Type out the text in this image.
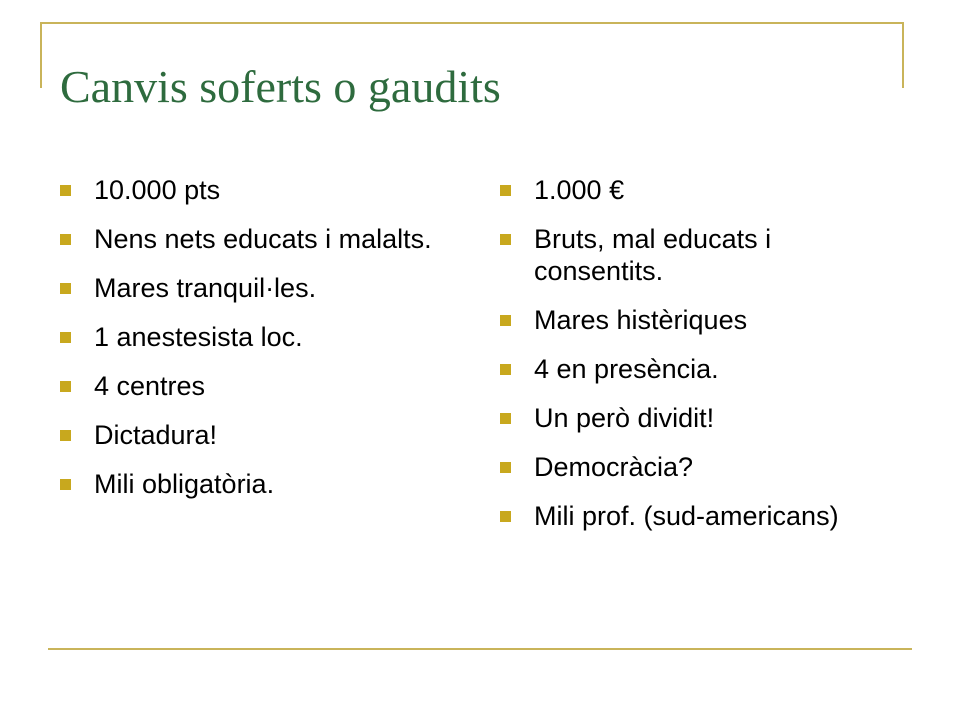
Canvis soferts o gaudits
10.000 pts
Nens nets educats i malalts.
Mares tranquil·les.
1 anestesista loc.
4 centres
Dictadura!
Mili obligatòria.
1.000 €
Bruts, mal educats i consentits.
Mares histèriques
4 en presència.
Un però dividit!
Democràcia?
Mili prof. (sud-americans)
